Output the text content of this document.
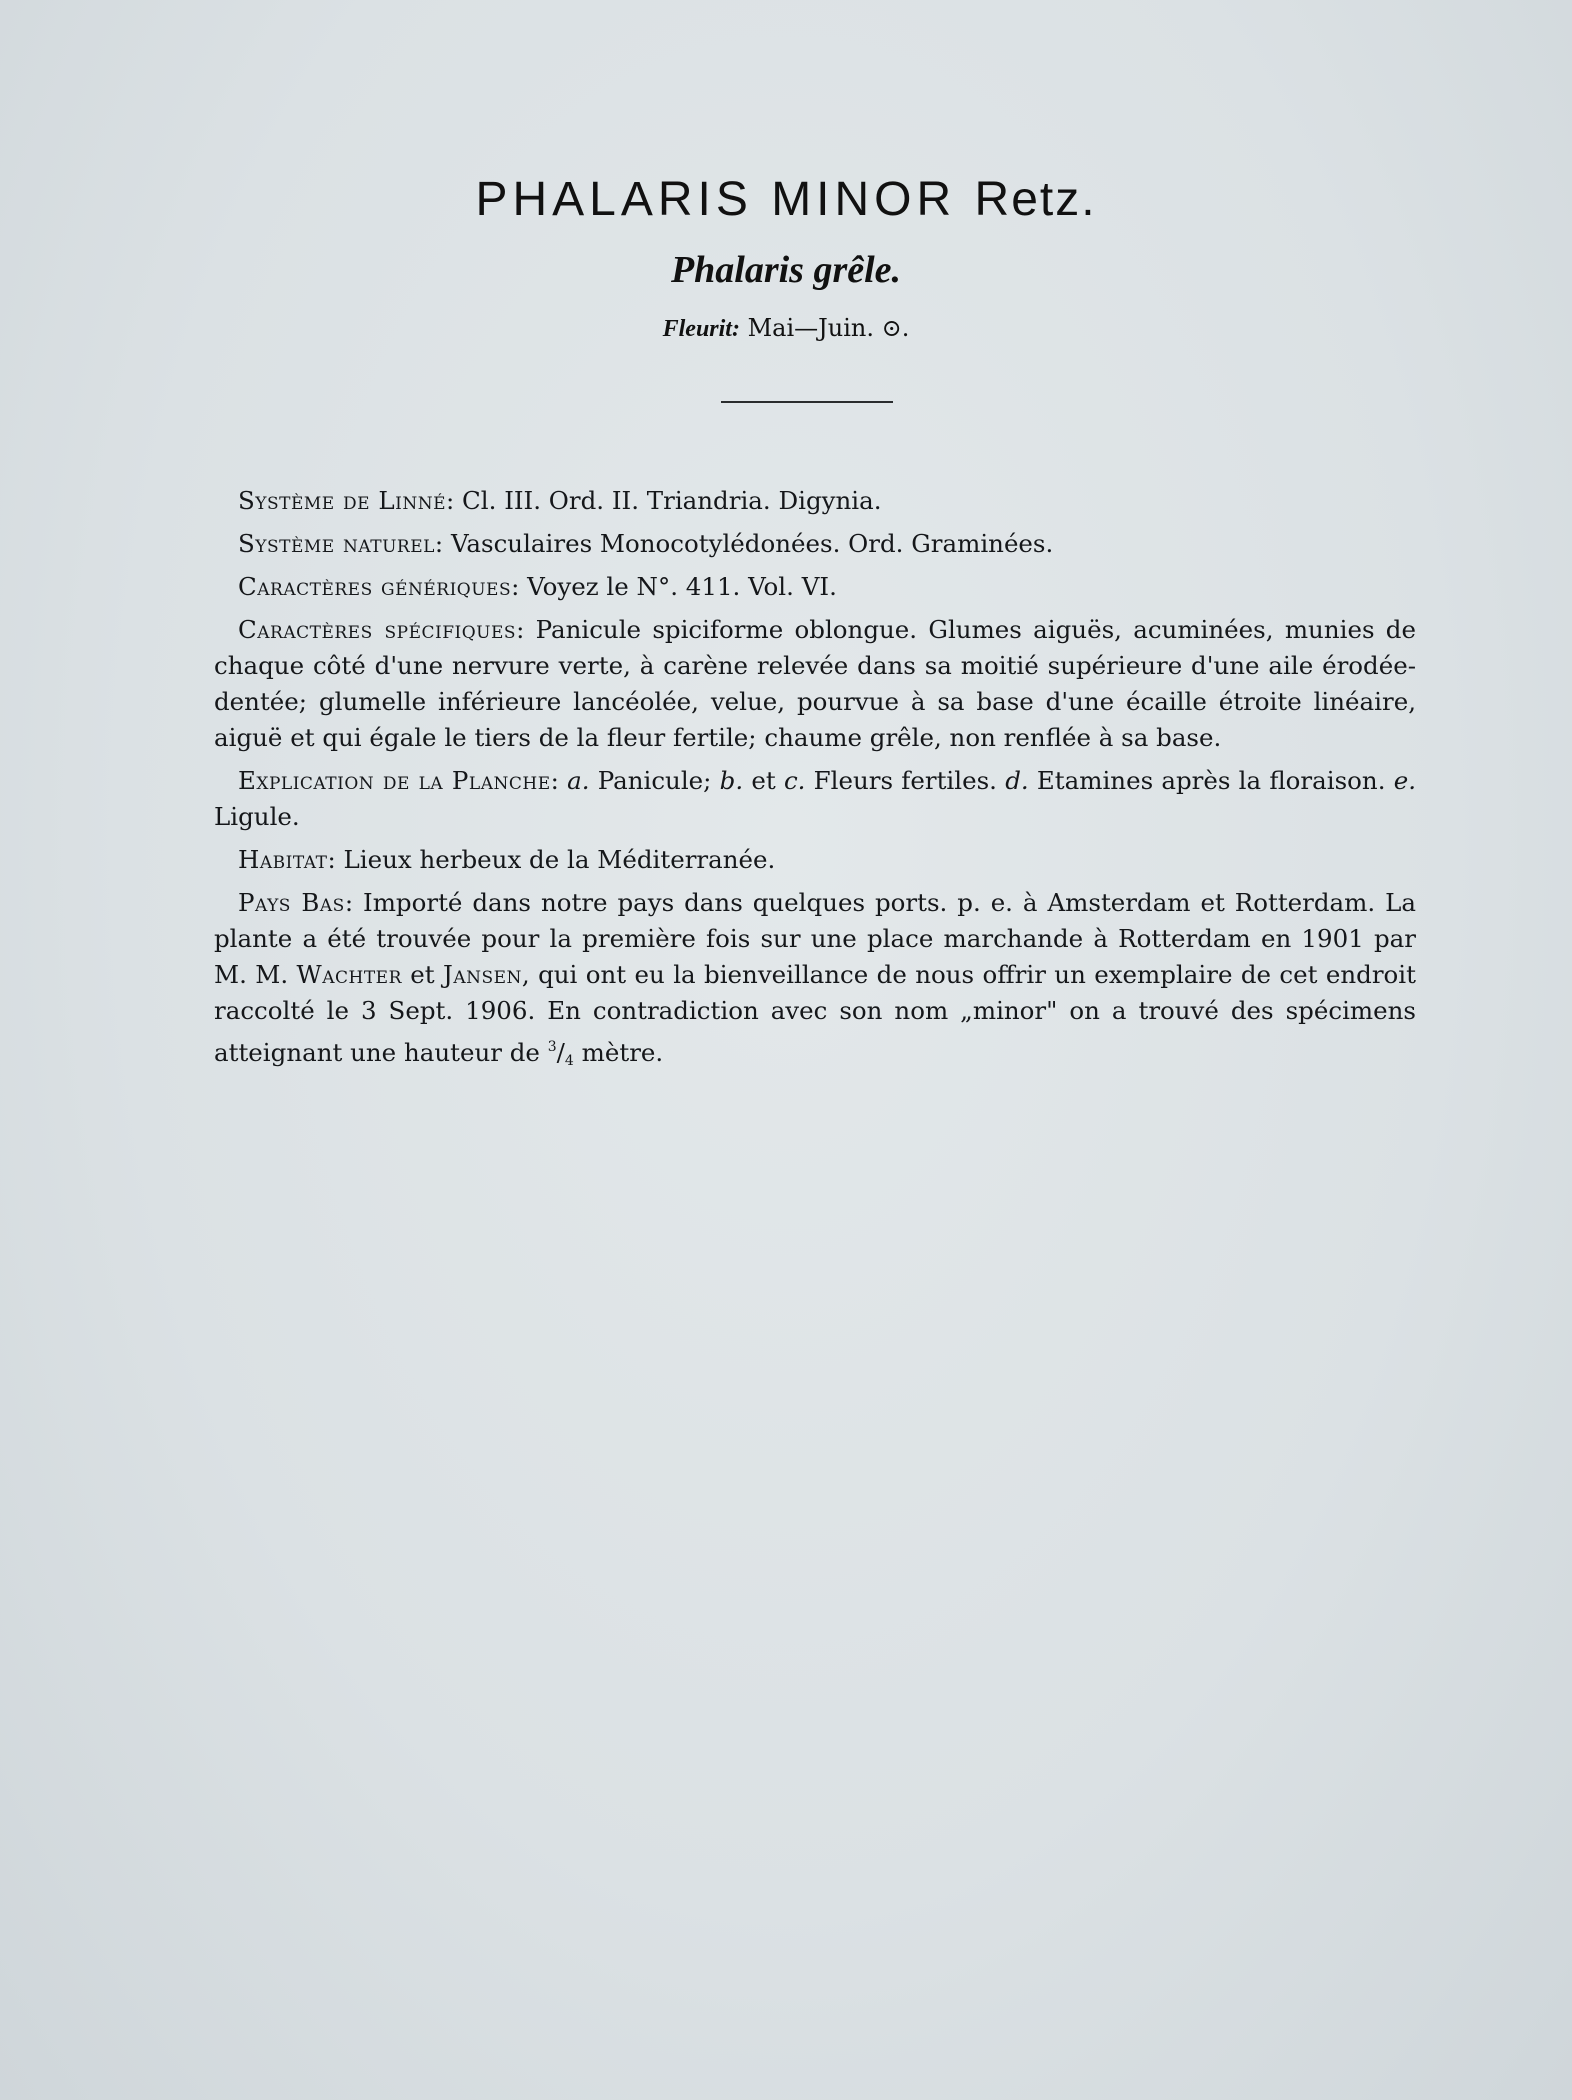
PHALARIS MINOR Retz.
Phalaris grêle.
Fleurit: Mai—Juin. ⊙.

Système de Linné: Cl. III. Ord. II. Triandria. Digynia.

Système naturel: Vasculaires Monocotylédonées. Ord. Graminées.

Caractères génériques: Voyez le N°. 411. Vol. VI.

Caractères spécifiques: Panicule spiciforme oblongue. Glumes aiguës, acuminées, munies de chaque côté d'une nervure verte, à carène relevée dans sa moitié supérieure d'une aile érodée-dentée; glumelle inférieure lancéolée, velue, pourvue à sa base d'une écaille étroite linéaire, aiguë et qui égale le tiers de la fleur fertile; chaume grêle, non renflée à sa base.

Explication de la Planche: a. Panicule; b. et c. Fleurs fertiles. d. Etamines après la floraison. e. Ligule.

Habitat: Lieux herbeux de la Méditerranée.

Pays Bas: Importé dans notre pays dans quelques ports. p. e. à Amsterdam et Rotterdam. La plante a été trouvée pour la première fois sur une place marchande à Rotterdam en 1901 par M. M. Wachter et Jansen, qui ont eu la bienveillance de nous offrir un exemplaire de cet endroit raccolté le 3 Sept. 1906. En contradiction avec son nom „minor" on a trouvé des spécimens atteignant une hauteur de $^3/_4$ mètre.
